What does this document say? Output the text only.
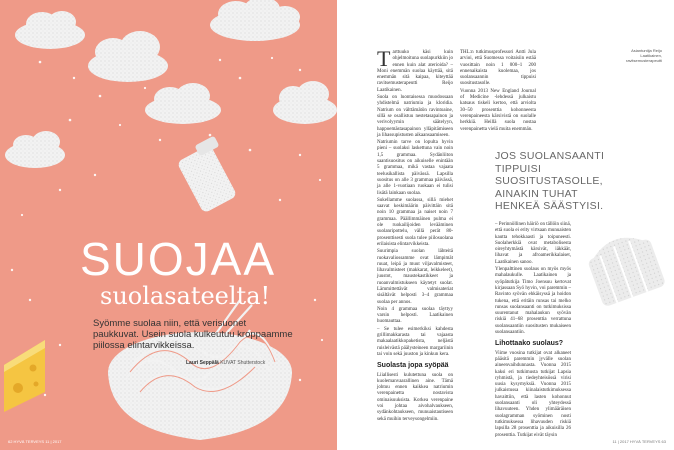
SUOJAA
suolasateelta!
Syömme suolaa niin, että verisuonet paukkuvat. Usein suola kulkeutuu kroppaamme piilossa elintarvikkeissa.
Lauri Seppälä KUVAT Shutterstock
62 HYVÄ TERVEYS 11 | 2017
Asiantuntija Reijo Laatikainen, ravitsemusterapeutti

Tarttuuko käsi kuin ohjelmoituna suolapurkkiin jo ennen kuin alat aterioida? – Moni enemmän suolaa käyttää, sitä enemmän sitä kaipaa, kiteyttää ravitsemusterapeutti Reijo Laatikainen.

Suola on luontaisessa muodossaan yhdistelmä natriumia ja kloridia. Natrium on välttämätön ravintoaine, sillä se osallistuu nestetasapainon ja verivolyymin säätelyyn, happoemästasapainon ylläpitämiseen ja lihassupistusten aikaansaamiseen.

Natriumin tarve on lopulta hyvin pieni – suolaksi laskettuna vain noin 1,5 grammaa. Sydänliiton saantisuositus on aikuiselle enintään 5 grammaa, mikä vastaa vajaata teelusikallista päivässä. Lapsilla suositus on alle 3 grammaa päivässä, ja alle 1-vuotiaan ruokaan ei tulisi lisätä lainkaan suolaa.

Sukellamme suolassa, sillä miehet saavat keskimäärin päivittäin sitä noin 10 grammaa ja naiset noin 7 grammaa. Päällimmäinen pulma ei ole ruokailijoiden levääminen suolanripottelu, vällä perät 80-prosenttisesti suola tulee piilosuolana erilaisista elintarvikkeista.

Suurimpia suolan lähteitä ruokavaliossamme ovat lämpimät ruuat, leipä ja muut viljavalmisteet, lihavalmisteet (makkarat, leikkeleet), juustot, maustekastikkeet ja ruoanvalmistukseen käytetyt suolat. Lämmittettävät valmisateriat sisältävät helposti 3–4 grammaa suolaa per annos.

Noin 4 grammaa suolaa täyttyy varsin helposti. Laatikainen huomauttaa.

– Se tulee esimerkiksi kahdesta grillimakkarasta tai vajaasta makaalaatikkopaketista, neljästä ruisleivästä päälysteineen margariinin tai voin sekä juuston ja kinkun kera.

Suolasta jopa syöpää

Liiallisesti kulutettuna suola on kuolemanvaarallinen aine. Tämä johtuu ennen kaikkea natriumin verenpainetta nostavista ominaisuuksista. Korkea verenpaine voi johtaa aivohalvaukseen, sydänkohtaukseen, munuaistautiseen sekä muihin terveysongelmiin.

THL:n tutkimusprofessori Antti Jula arvioi, että Suomessa voitaisiin estää vuosittain noin 1 000–1 200 ennenaikaista kuolemaa, jos suolansaannin tippuisi suositustasolle.

Vuonna 2013 New England Journal of Medicine -lehdessä julkaistu katsaus tiskeli kertoo, että arviolta 30–50 prosenttia kohonneesta verenpaineesta kärsivistä on suolalle herkkiä. Heillä suola nostaa verenpainetta vielä muita enemmän.

JOS SUOLANSAANTI TIPPUISI SUOSITUSTASOLLE, AINAKIN TUHAT HENKEÄ SÄÄSTYISI.

– Perinnöllinen häiriö on tällöin siinä, että suola ei erity virtsaan munuaisten kautta tehokkaasti ja toipuneesti. Suolaherkkiä ovat metabolisesta oireyhtymästä kärsivät, iäkkäät, lihavat ja afroamerikkalaiset, Laatikainen sanoo.

Ylenpalttinen suolaus on myös myös mahalaukulle. Laatikainen ja syöpätutkija Timo Joensuu kertovat kirjassaan Syö hyvin, voi paremmin – Ravinto syövän ehkäisyssä ja hoidon tukena, että eritäin runsas tai melko runsas suolansaanti on tutkimuksissa suurentanut mahalaukun syövän riskiä 41–68 prosenttia verrattuna suolansaantiin suositusten mukaiseen suolansaantiin.

Lihottaako suolaus?

Viime vuosina tutkijat ovat alkaneet pääsitä paremmin jyvälle suolan aineenvaihdunnasta. Vuonna 2015 kaksi eri tutkimusta tutkijat Lapsia ryhmistä, ja tiedeyhteisössä virisi uusia kysymyksiä. Vuonna 2015 julkaistussa kiinalaistutkimuksessa havaittiin, että lasten kohonnut suolansaanti oli yhteydessä lihavuuteen. Yhden ylimääräisen suolagramman syöminen nosti tutkimuksessa lihavuuden riskiä lapsilla 28 prosenttia ja aikuisilla 26 prosenttia. Tutkijat eivät täysin

11 | 2017 HYVÄ TERVEYS 63
